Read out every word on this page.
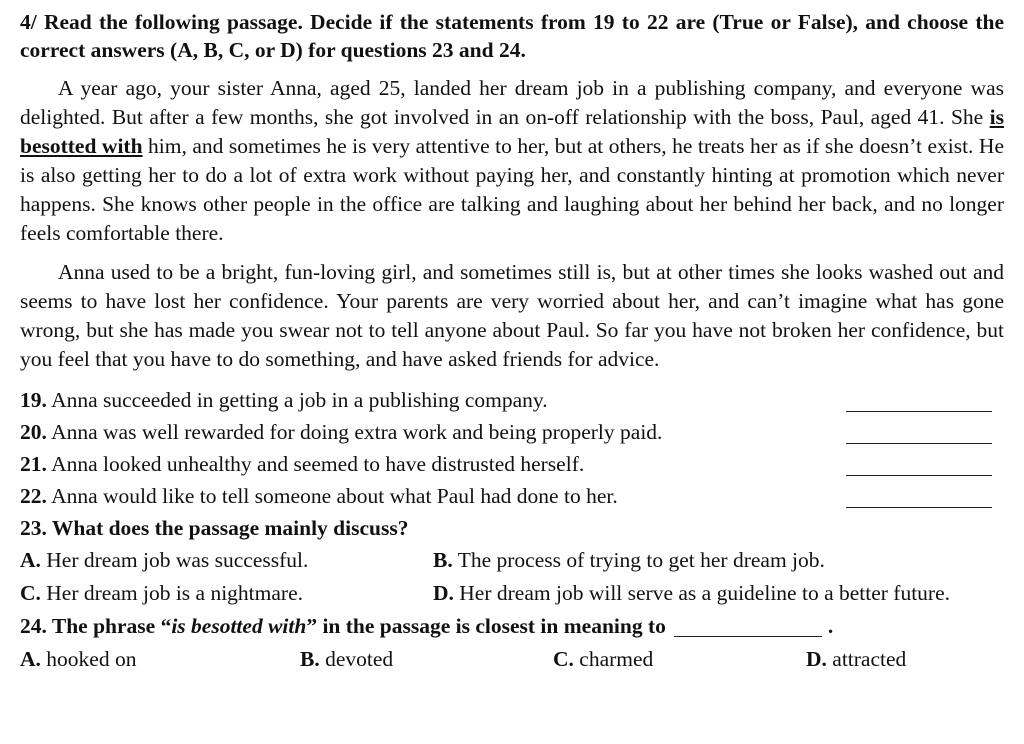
4/ Read the following passage. Decide if the statements from 19 to 22 are (True or False), and choose the correct answers (A, B, C, or D) for questions 23 and 24.
A year ago, your sister Anna, aged 25, landed her dream job in a publishing company, and everyone was delighted. But after a few months, she got involved in an on-off relationship with the boss, Paul, aged 41. She is besotted with him, and sometimes he is very attentive to her, but at others, he treats her as if she doesn’t exist. He is also getting her to do a lot of extra work without paying her, and constantly hinting at promotion which never happens. She knows other people in the office are talking and laughing about her behind her back, and no longer feels comfortable there.
Anna used to be a bright, fun-loving girl, and sometimes still is, but at other times she looks washed out and seems to have lost her confidence. Your parents are very worried about her, and can’t imagine what has gone wrong, but she has made you swear not to tell anyone about Paul. So far you have not broken her confidence, but you feel that you have to do something, and have asked friends for advice.
19. Anna succeeded in getting a job in a publishing company.
20. Anna was well rewarded for doing extra work and being properly paid.
21. Anna looked unhealthy and seemed to have distrusted herself.
22. Anna would like to tell someone about what Paul had done to her.
23. What does the passage mainly discuss?
A. Her dream job was successful.	B. The process of trying to get her dream job.
C. Her dream job is a nightmare.	D. Her dream job will serve as a guideline to a better future.
24. The phrase “ is besotted with ” in the passage is closest in meaning to	.
A. hooked on	B. devoted	C. charmed	D. attracted
